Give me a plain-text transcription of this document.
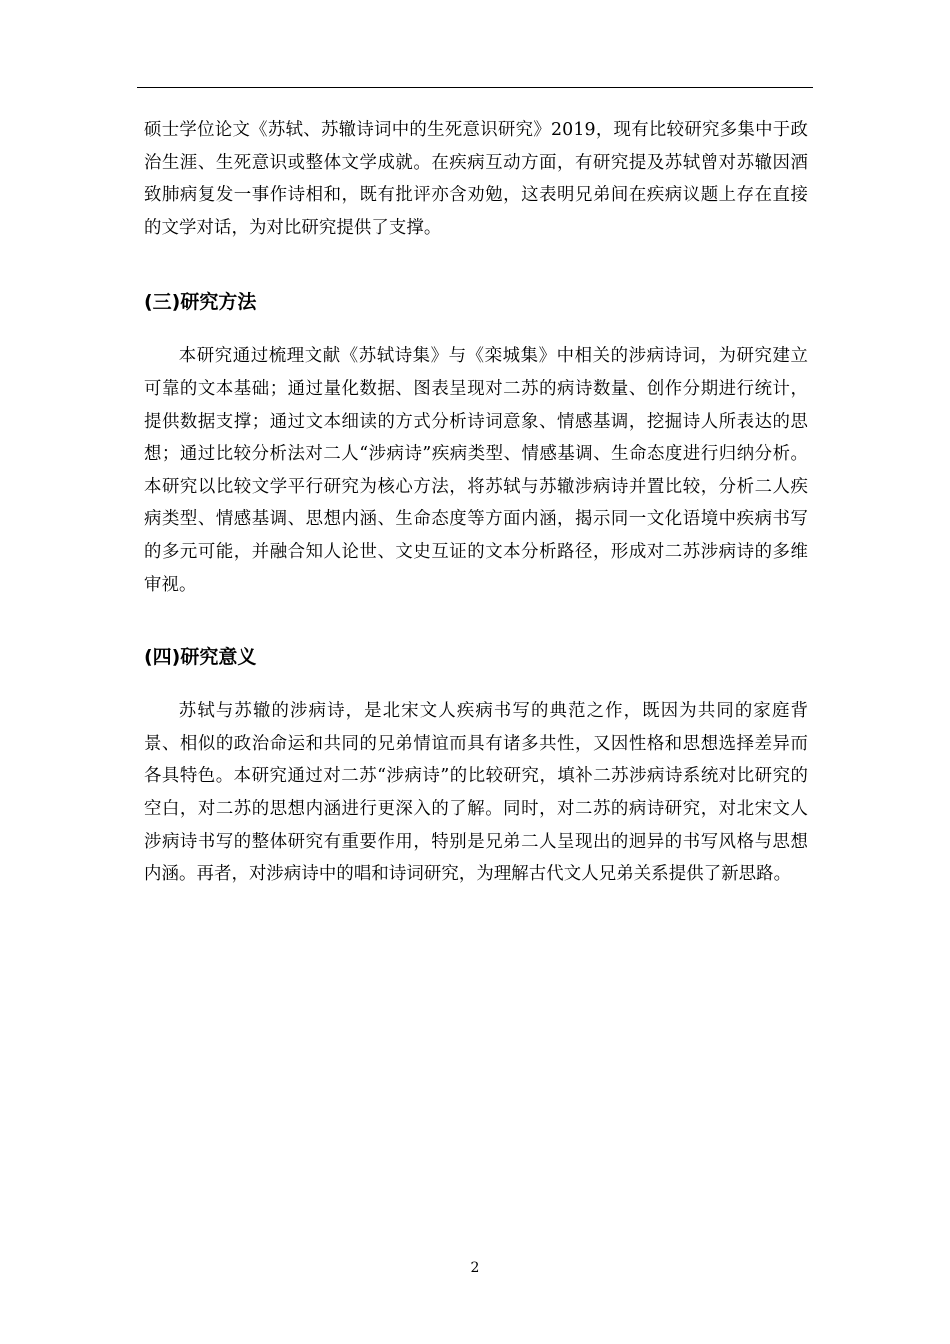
硕士学位论文《苏轼、苏辙诗词中的生死意识研究》2019，现有比较研究多集中于政治生涯、生死意识或整体文学成就。在疾病互动方面，有研究提及苏轼曾对苏辙因酒致肺病复发一事作诗相和，既有批评亦含劝勉，这表明兄弟间在疾病议题上存在直接的文学对话，为对比研究提供了支撑。

(三)研究方法

本研究通过梳理文献《苏轼诗集》与《栾城集》中相关的涉病诗词，为研究建立可靠的文本基础；通过量化数据、图表呈现对二苏的病诗数量、创作分期进行统计，提供数据支撑；通过文本细读的方式分析诗词意象、情感基调，挖掘诗人所表达的思想；通过比较分析法对二人“涉病诗”疾病类型、情感基调、生命态度进行归纳分析。本研究以比较文学平行研究为核心方法，将苏轼与苏辙涉病诗并置比较，分析二人疾病类型、情感基调、思想内涵、生命态度等方面内涵，揭示同一文化语境中疾病书写的多元可能，并融合知人论世、文史互证的文本分析路径，形成对二苏涉病诗的多维审视。

(四)研究意义

苏轼与苏辙的涉病诗，是北宋文人疾病书写的典范之作，既因为共同的家庭背景、相似的政治命运和共同的兄弟情谊而具有诸多共性，又因性格和思想选择差异而各具特色。本研究通过对二苏“涉病诗”的比较研究，填补二苏涉病诗系统对比研究的空白，对二苏的思想内涵进行更深入的了解。同时，对二苏的病诗研究，对北宋文人涉病诗书写的整体研究有重要作用，特别是兄弟二人呈现出的迥异的书写风格与思想内涵。再者，对涉病诗中的唱和诗词研究，为理解古代文人兄弟关系提供了新思路。

2
